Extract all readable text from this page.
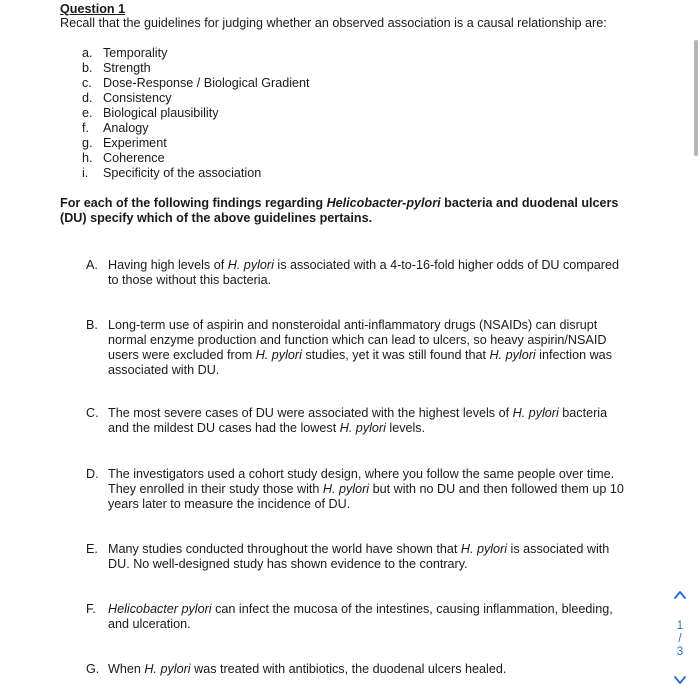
Question 1
Recall that the guidelines for judging whether an observed association is a causal relationship are:
a. Temporality
b. Strength
c. Dose-Response / Biological Gradient
d. Consistency
e. Biological plausibility
f. Analogy
g. Experiment
h. Coherence
i. Specificity of the association
For each of the following findings regarding Helicobacter-pylori bacteria and duodenal ulcers (DU) specify which of the above guidelines pertains.
A. Having high levels of H. pylori is associated with a 4-to-16-fold higher odds of DU compared to those without this bacteria.
B. Long-term use of aspirin and nonsteroidal anti-inflammatory drugs (NSAIDs) can disrupt normal enzyme production and function which can lead to ulcers, so heavy aspirin/NSAID users were excluded from H. pylori studies, yet it was still found that H. pylori infection was associated with DU.
C. The most severe cases of DU were associated with the highest levels of H. pylori bacteria and the mildest DU cases had the lowest H. pylori levels.
D. The investigators used a cohort study design, where you follow the same people over time. They enrolled in their study those with H. pylori but with no DU and then followed them up 10 years later to measure the incidence of DU.
E. Many studies conducted throughout the world have shown that H. pylori is associated with DU. No well-designed study has shown evidence to the contrary.
F. Helicobacter pylori can infect the mucosa of the intestines, causing inflammation, bleeding, and ulceration.
G. When H. pylori was treated with antibiotics, the duodenal ulcers healed.
1
/
3
